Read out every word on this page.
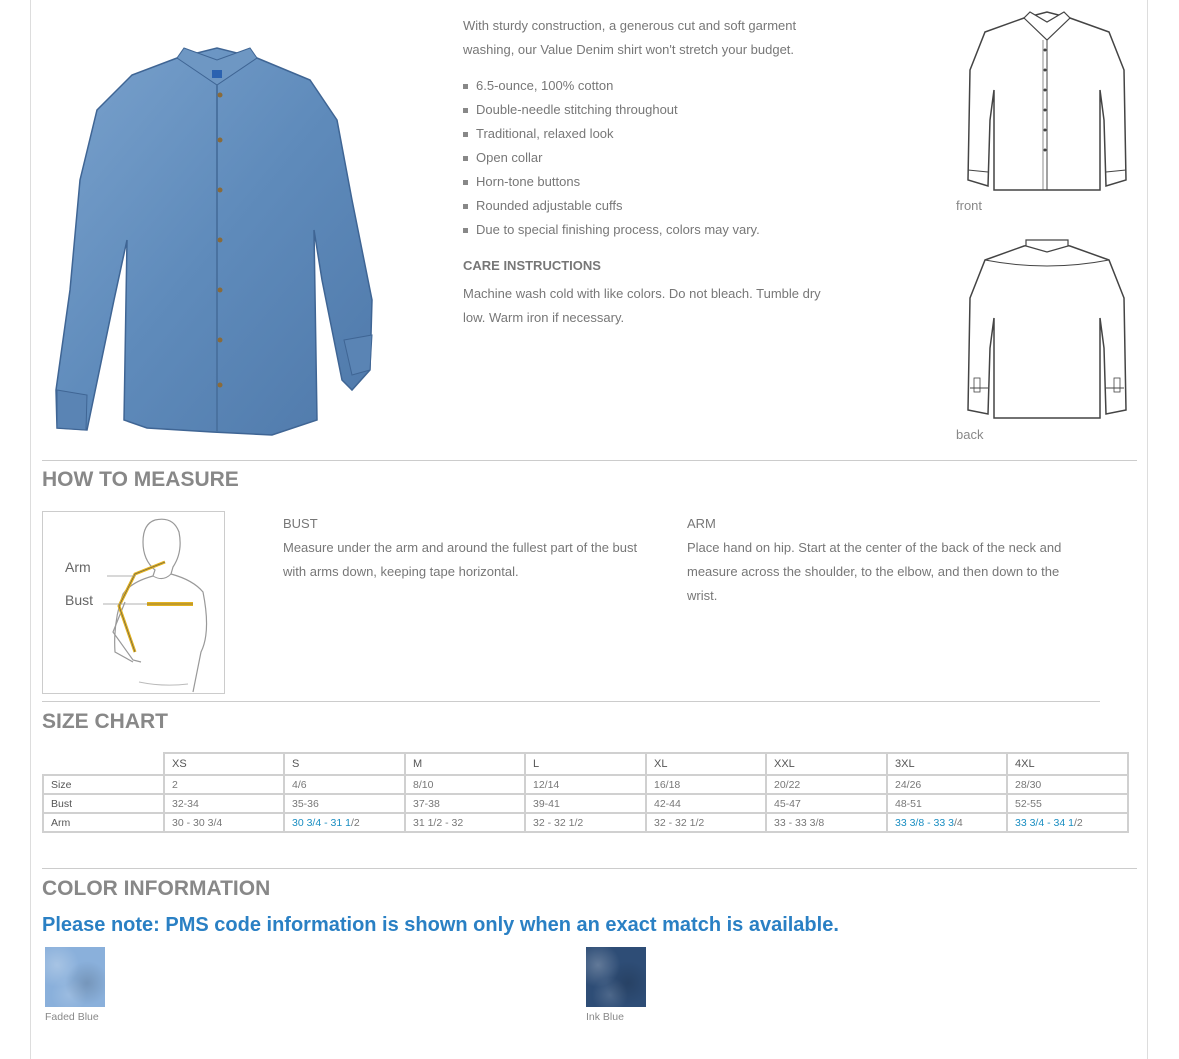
With sturdy construction, a generous cut and soft garment washing, our Value Denim shirt won't stretch your budget.

6.5-ounce, 100% cotton
Double-needle stitching throughout
Traditional, relaxed look
Open collar
Horn-tone buttons
Rounded adjustable cuffs
Due to special finishing process, colors may vary.
CARE INSTRUCTIONS

Machine wash cold with like colors. Do not bleach. Tumble dry low. Warm iron if necessary.

front
back
HOW TO MEASURE
Arm
Bust
BUST

Measure under the arm and around the fullest part of the bust with arms down, keeping tape horizontal.

ARM

Place hand on hip. Start at the center of the back of the neck and measure across the shoulder, to the elbow, and then down to the wrist.

SIZE CHART
	XS	S	M	L	XL	XXL	3XL	4XL
Size	2	4/6	8/10	12/14	16/18	20/22	24/26	28/30
Bust	32-34	35-36	37-38	39-41	42-44	45-47	48-51	52-55
Arm	30 - 30 3/4	30 3/4 - 31 1/2	31 1/2 - 32	32 - 32 1/2	32 - 32 1/2	33 - 33 3/8	33 3/8 - 33 3/4	33 3/4 - 34 1/2
COLOR INFORMATION
Please note: PMS code information is shown only when an exact match is available.
Faded Blue	Ink Blue
